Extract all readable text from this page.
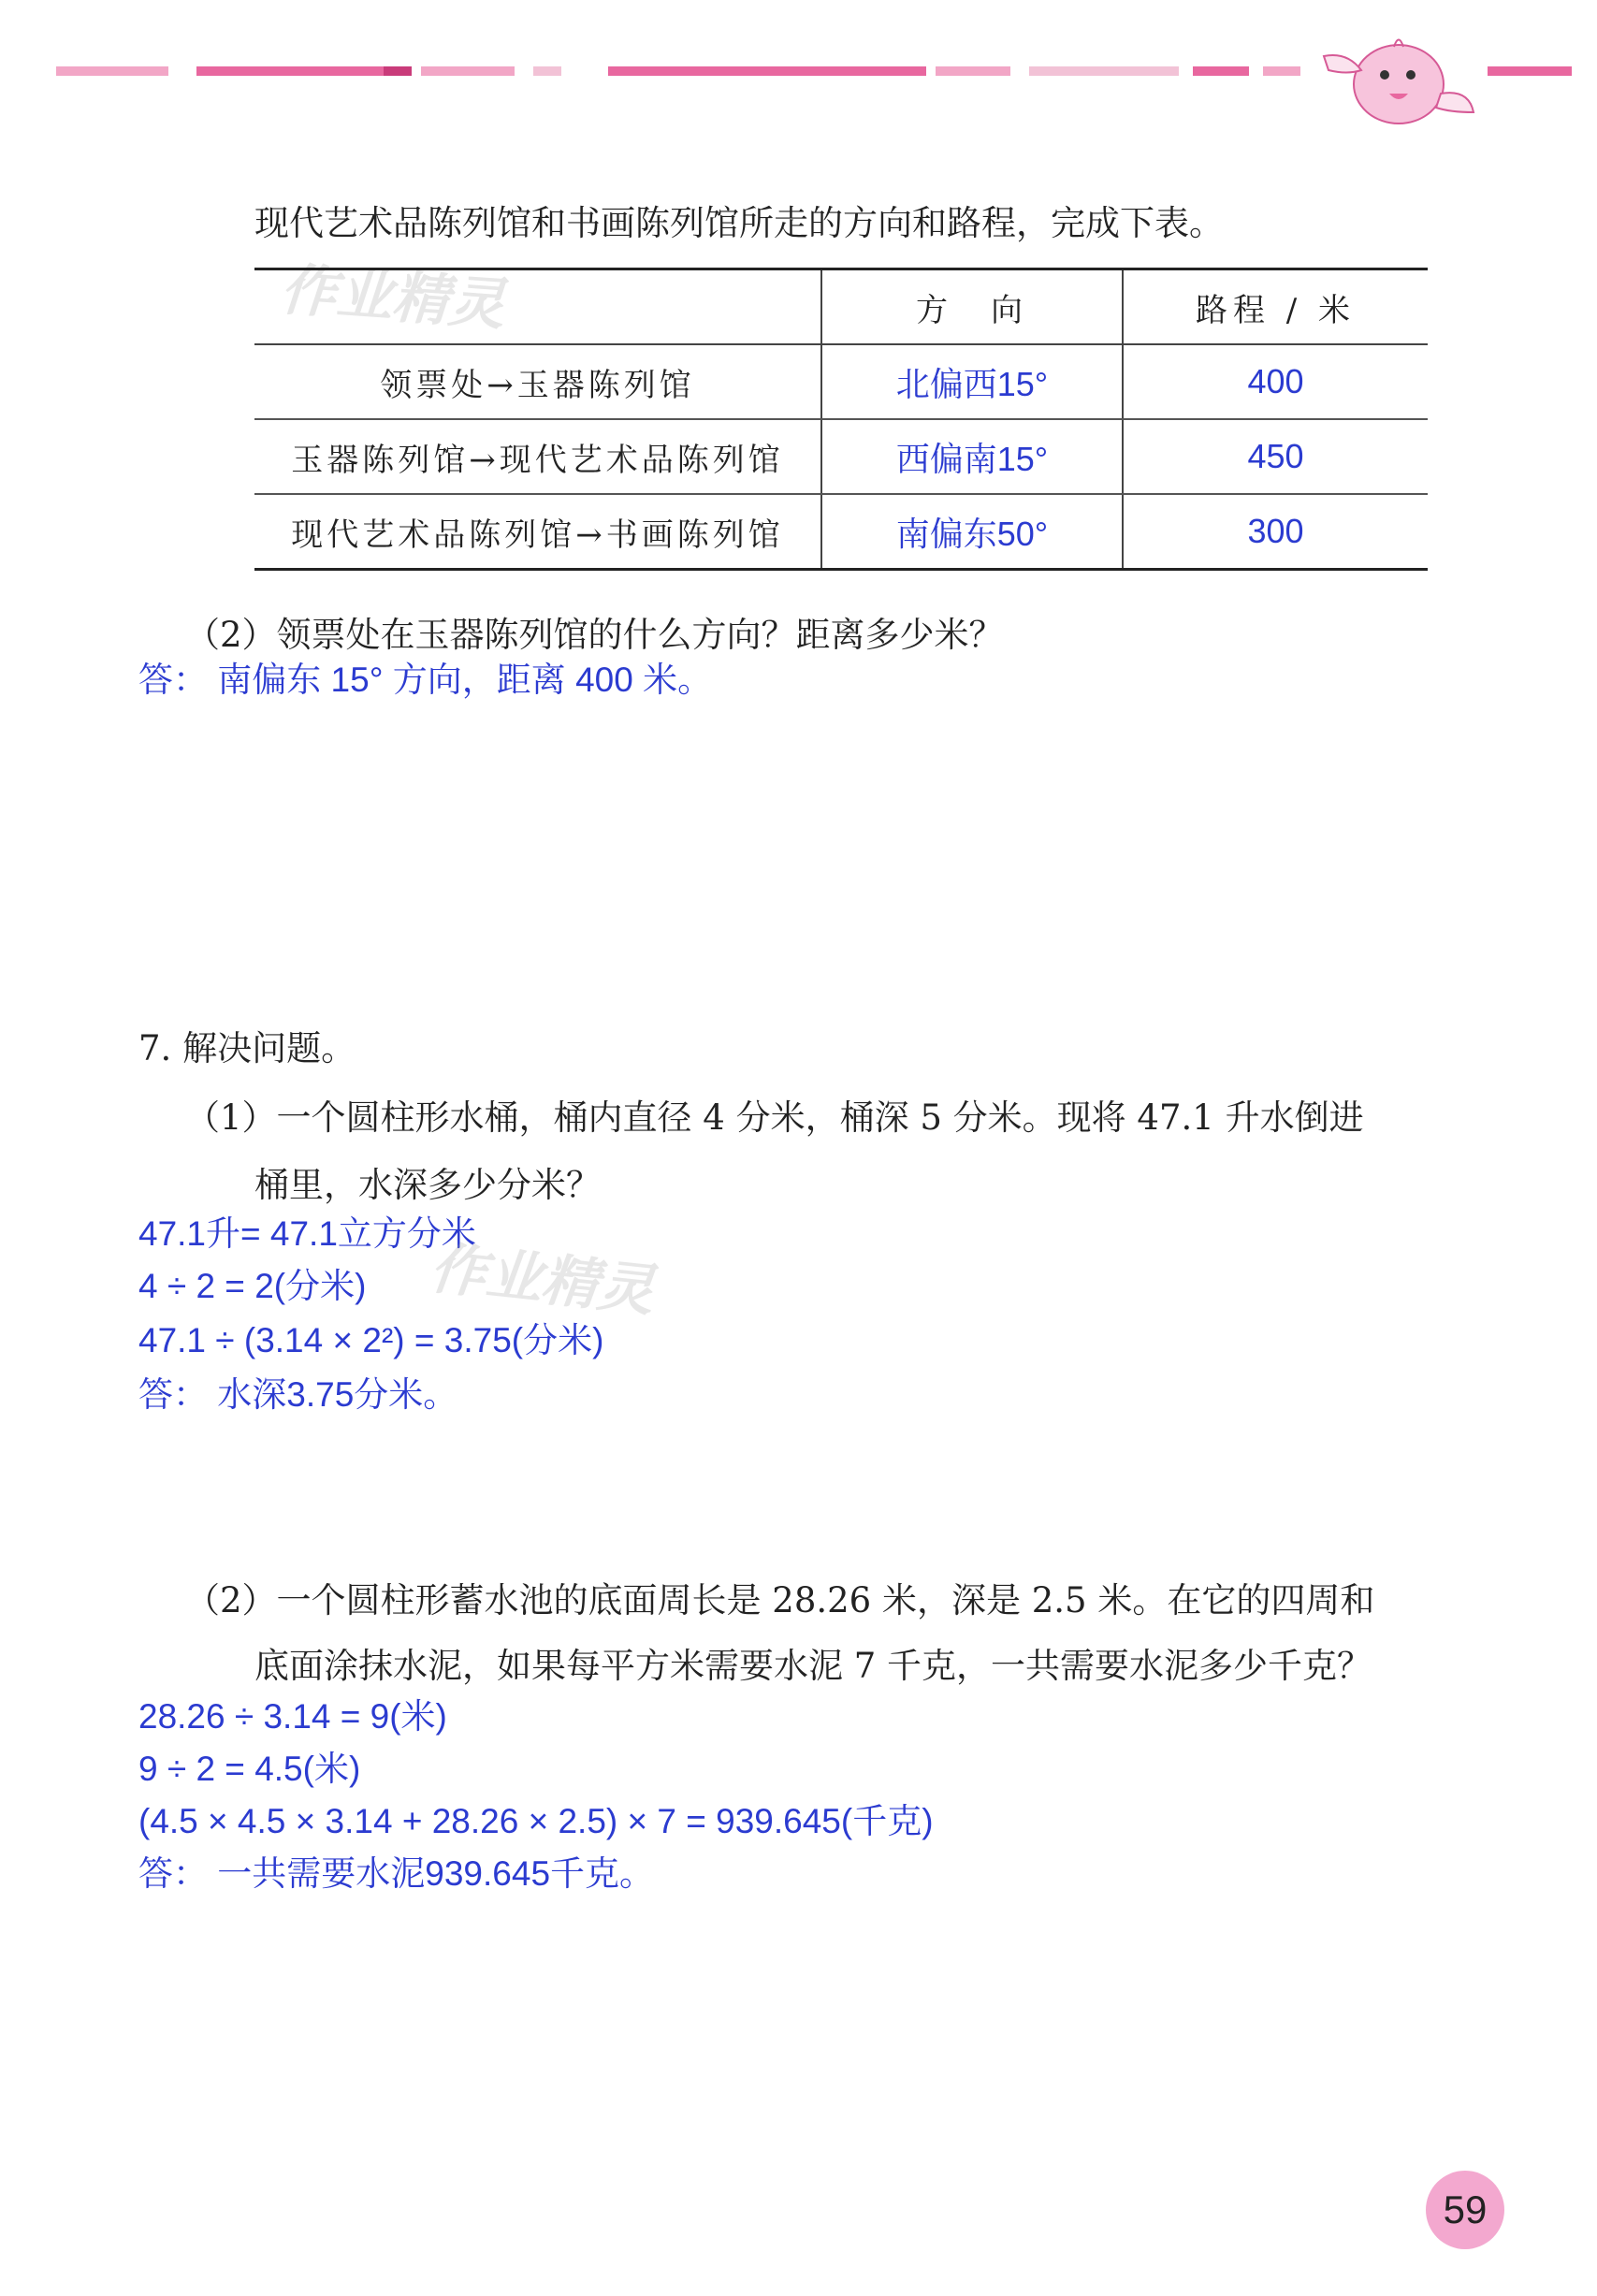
现代艺术品陈列馆和书画陈列馆所走的方向和路程，完成下表。
作业精灵
		方　向	路程 / 米
领票处→玉器陈列馆	北偏西15°	400
玉器陈列馆→现代艺术品陈列馆	西偏南15°	450
现代艺术品陈列馆→书画陈列馆	南偏东50°	300
（2）领票处在玉器陈列馆的什么方向？距离多少米？
答： 南偏东 15° 方向，距离 400 米。
7. 解决问题。
（1）一个圆柱形水桶，桶内直径 4 分米，桶深 5 分米。现将 47.1 升水倒进
桶里，水深多少分米？
47.1升= 47.1立方分米
4 ÷ 2 = 2(分米)
47.1 ÷ (3.14 × 2²) = 3.75(分米)
答： 水深3.75分米。
作业精灵
（2）一个圆柱形蓄水池的底面周长是 28.26 米，深是 2.5 米。在它的四周和
底面涂抹水泥，如果每平方米需要水泥 7 千克，一共需要水泥多少千克？
28.26 ÷ 3.14 = 9(米)
9 ÷ 2 = 4.5(米)
(4.5 × 4.5 × 3.14 + 28.26 × 2.5) × 7 = 939.645(千克)
答： 一共需要水泥939.645千克。
59
